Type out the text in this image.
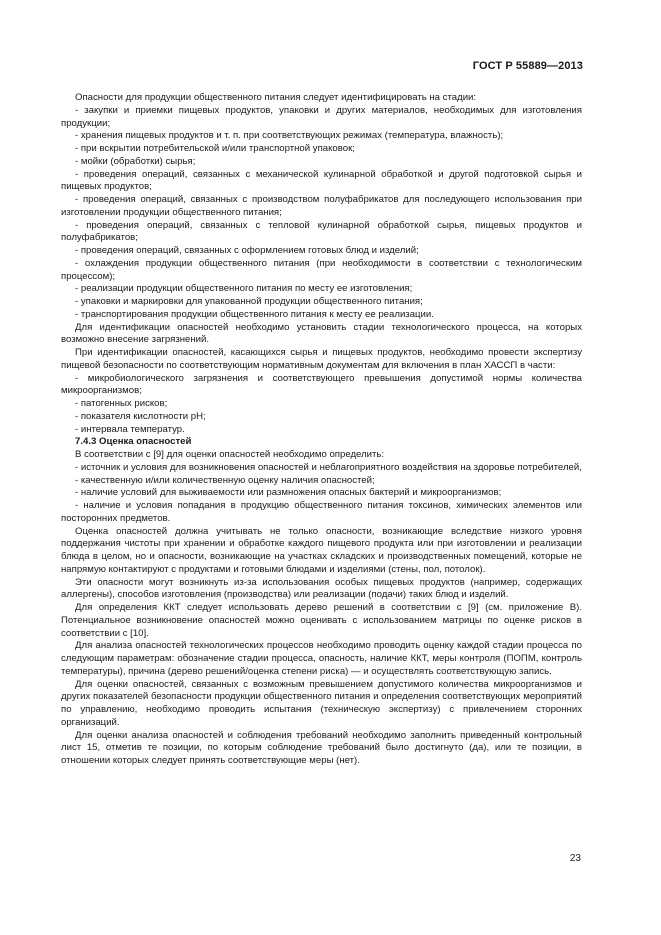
ГОСТ Р 55889—2013

Опасности для продукции общественного питания следует идентифицировать на стадии:

- закупки и приемки пищевых продуктов, упаковки и других материалов, необходимых для изготовления продукции;

- хранения пищевых продуктов и т. п. при соответствующих режимах (температура, влажность);

- при вскрытии потребительской и/или транспортной упаковок;

- мойки (обработки) сырья;

- проведения операций, связанных с механической кулинарной обработкой и другой подготовкой сырья и пищевых продуктов;

- проведения операций, связанных с производством полуфабрикатов для последующего использования при изготовлении продукции общественного питания;

- проведения операций, связанных с тепловой кулинарной обработкой сырья, пищевых продуктов и полуфабрикатов;

- проведения операций, связанных с оформлением готовых блюд и изделий;

- охлаждения продукции общественного питания (при необходимости в соответствии с технологическим процессом);

- реализации продукции общественного питания по месту ее изготовления;

- упаковки и маркировки для упакованной продукции общественного питания;

- транспортирования продукции общественного питания к месту ее реализации.

Для идентификации опасностей необходимо установить стадии технологического процесса, на которых возможно внесение загрязнений.

При идентификации опасностей, касающихся сырья и пищевых продуктов, необходимо провести экспертизу пищевой безопасности по соответствующим нормативным документам для включения в план ХАССП в части:

- микробиологического загрязнения и соответствующего превышения допустимой нормы количества микроорганизмов;

- патогенных рисков;

- показателя кислотности рН;

- интервала температур.

7.4.3 Оценка опасностей

В соответствии с [9] для оценки опасностей необходимо определить:

- источник и условия для возникновения опасностей и неблагоприятного воздействия на здоровье потребителей,

- качественную и/или количественную оценку наличия опасностей;

- наличие условий для выживаемости или размножения опасных бактерий и микроорганизмов;

- наличие и условия попадания в продукцию общественного питания токсинов, химических элементов или посторонних предметов.

Оценка опасностей должна учитывать не только опасности, возникающие вследствие низкого уровня поддержания чистоты при хранении и обработке каждого пищевого продукта или при изготовлении и реализации блюда в целом, но и опасности, возникающие на участках складских и производственных помещений, которые не напрямую контактируют с продуктами и готовыми блюдами и изделиями (стены, пол, потолок).

Эти опасности могут возникнуть из-за использования особых пищевых продуктов (например, содержащих аллергены), способов изготовления (производства) или реализации (подачи) таких блюд и изделий.

Для определения ККТ следует использовать дерево решений в соответствии с [9] (см. приложение В). Потенциальное возникновение опасностей можно оценивать с использованием матрицы по оценке рисков в соответствии с [10].

Для анализа опасностей технологических процессов необходимо проводить оценку каждой стадии процесса по следующим параметрам: обозначение стадии процесса, опасность, наличие ККТ, меры контроля (ПОПМ, контроль температуры), причина (дерево решений/оценка степени риска) — и осуществлять соответствующую запись.

Для оценки опасностей, связанных с возможным превышением допустимого количества микроорганизмов и других показателей безопасности продукции общественного питания и определения соответствующих мероприятий по управлению, необходимо проводить испытания (техническую экспертизу) с привлечением сторонних организаций.

Для оценки анализа опасностей и соблюдения требований необходимо заполнить приведенный контрольный лист 15, отметив те позиции, по которым соблюдение требований было достигнуто (да), или те позиции, в отношении которых следует принять соответствующие меры (нет).

23
